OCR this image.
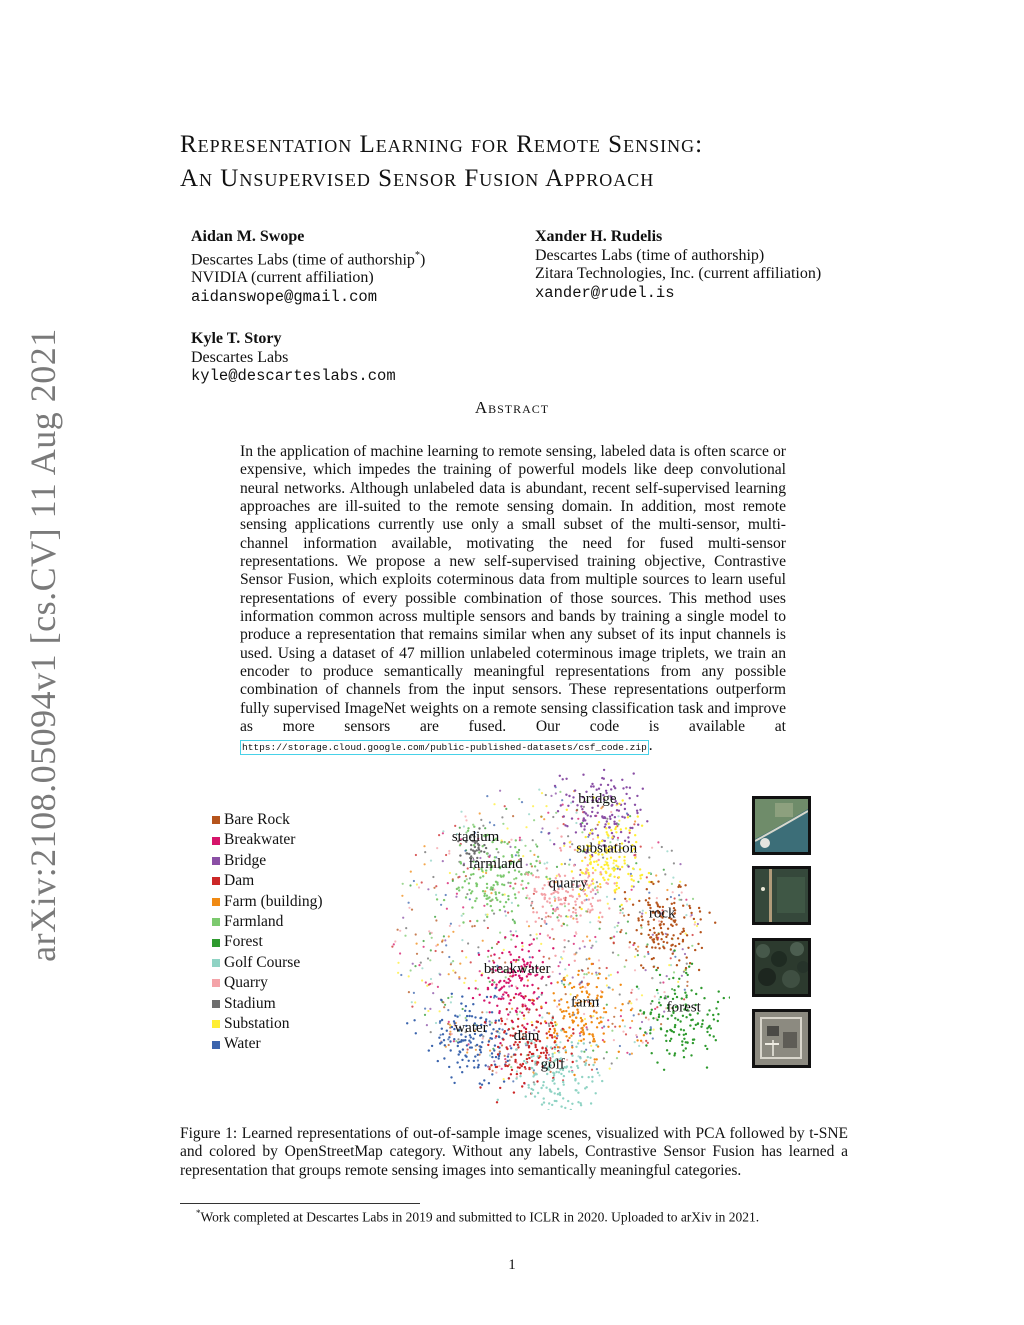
arXiv:2108.05094v1 [cs.CV] 11 Aug 2021
Representation Learning for Remote Sensing:
An Unsupervised Sensor Fusion Approach
Aidan M. Swope
Descartes Labs (time of authorship*)
NVIDIA (current affiliation)
aidanswope@gmail.com
Xander H. Rudelis
Descartes Labs (time of authorship)
Zitara Technologies, Inc. (current affiliation)
xander@rudel.is
Kyle T. Story
Descartes Labs
kyle@descarteslabs.com
Abstract
In the application of machine learning to remote sensing, labeled data is often scarce or expensive, which impedes the training of powerful models like deep convolutional neural networks. Although unlabeled data is abundant, recent self-supervised learning approaches are ill-suited to the remote sensing domain. In addition, most remote sensing applications currently use only a small subset of the multi-sensor, multi-channel information available, motivating the need for fused multi-sensor representations. We propose a new self-supervised training objective, Contrastive Sensor Fusion, which exploits coterminous data from multiple sources to learn useful representations of every possible combination of those sources. This method uses information common across multiple sensors and bands by training a single model to produce a representation that remains similar when any subset of its input channels is used. Using a dataset of 47 million unlabeled coterminous image triplets, we train an encoder to produce semantically meaningful representations from any possible combination of channels from the input sensors. These representations outperform fully supervised ImageNet weights on a remote sensing classification task and improve as more sensors are fused. Our code is available at https://storage.cloud.google.com/public-published-datasets/csf_code.zip .
Bare Rock
Breakwater
Bridge
Dam
Farm (building)
Farmland
Forest
Golf Course
Quarry
Stadium
Substation
Water
bridge
stadium
substation
farmland
quarry
rock
breakwater
farm	forest
water dam
golf
Figure 1: Learned representations of out-of-sample image scenes, visualized with PCA followed by t-SNE and colored by OpenStreetMap category. Without any labels, Contrastive Sensor Fusion has learned a representation that groups remote sensing images into semantically meaningful categories.
*Work completed at Descartes Labs in 2019 and submitted to ICLR in 2020. Uploaded to arXiv in 2021.
1
